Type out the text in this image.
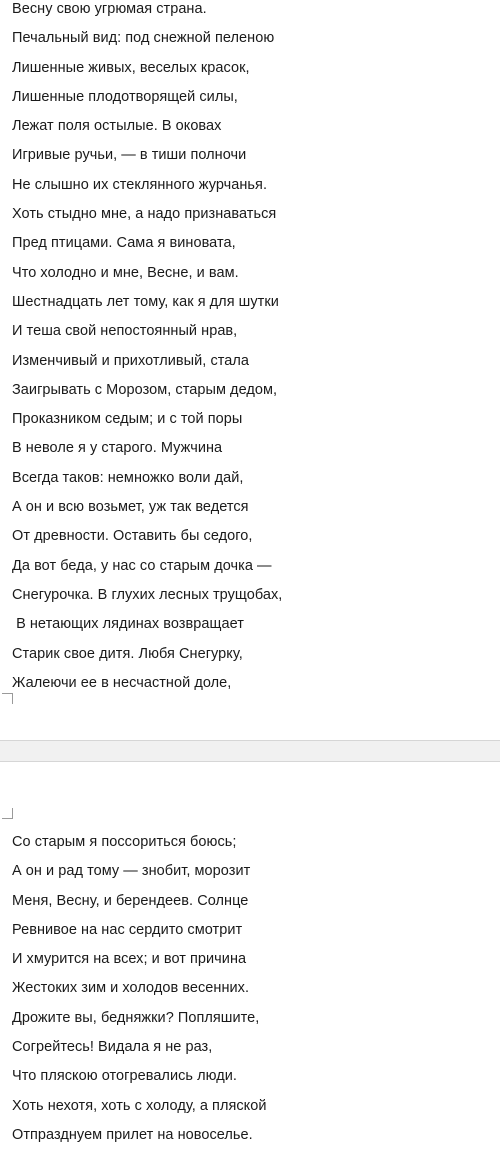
Весну свою угрюмая страна.
Печальный вид: под снежной пеленою
Лишенные живых, веселых красок,
Лишенные плодотворящей силы,
Лежат поля остылые. В оковах
Игривые ручьи, — в тиши полночи
Не слышно их стеклянного журчанья.
Хоть стыдно мне, а надо признаваться
Пред птицами. Сама я виновата,
Что холодно и мне, Весне, и вам.
Шестнадцать лет тому, как я для шутки
И теша свой непостоянный нрав,
Изменчивый и прихотливый, стала
Заигрывать с Морозом, старым дедом,
Проказником седым; и с той поры
В неволе я у старого. Мужчина
Всегда таков: немножко воли дай,
А он и всю возьмет, уж так ведется
От древности. Оставить бы седого,
Да вот беда, у нас со старым дочка —
Снегурочка. В глухих лесных трущобах,
В нетающих лядинах возвращает
Старик свое дитя. Любя Снегурку,
Жалеючи ее в несчастной доле,
Со старым я поссориться боюсь;
А он и рад тому — знобит, морозит
Меня, Весну, и берендеев. Солнце
Ревнивое на нас сердито смотрит
И хмурится на всех; и вот причина
Жестоких зим и холодов весенних.
Дрожите вы, бедняжки? Попляшите,
Согрейтесь! Видала я не раз,
Что пляскою отогревались люди.
Хоть нехотя, хоть с холоду, а пляской
Отпразднуем прилет на новоселье.
